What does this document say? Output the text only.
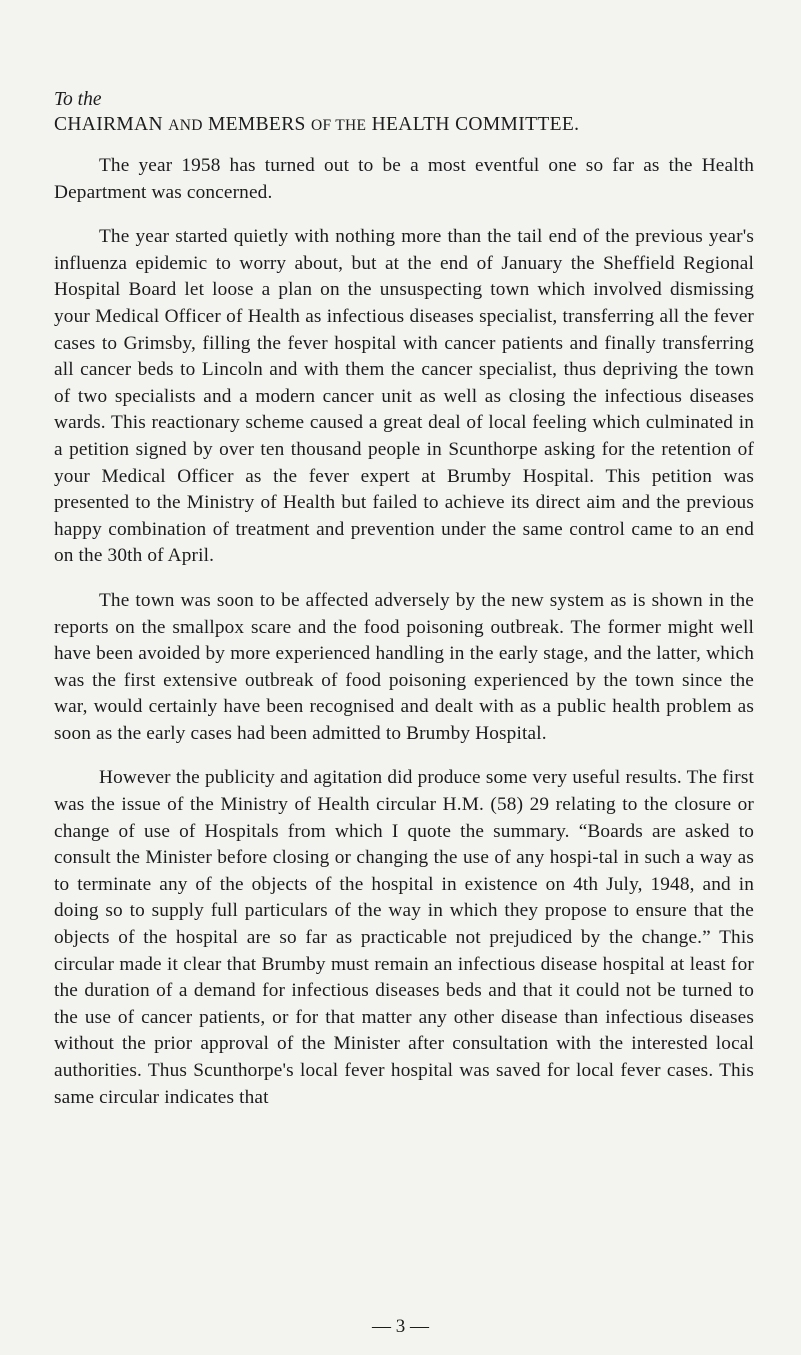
To the

CHAIRMAN AND MEMBERS OF THE HEALTH COMMITTEE.

The year 1958 has turned out to be a most eventful one so far as the Health Department was concerned.

The year started quietly with nothing more than the tail end of the previous year's influenza epidemic to worry about, but at the end of January the Sheffield Regional Hospital Board let loose a plan on the unsuspecting town which involved dismissing your Medical Officer of Health as infectious diseases specialist, transferring all the fever cases to Grimsby, filling the fever hospital with cancer patients and finally transferring all cancer beds to Lincoln and with them the cancer specialist, thus depriving the town of two specialists and a modern cancer unit as well as closing the infectious diseases wards. This reactionary scheme caused a great deal of local feeling which culminated in a petition signed by over ten thousand people in Scunthorpe asking for the retention of your Medical Officer as the fever expert at Brumby Hospital. This petition was presented to the Ministry of Health but failed to achieve its direct aim and the previous happy combination of treatment and prevention under the same control came to an end on the 30th of April.

The town was soon to be affected adversely by the new system as is shown in the reports on the smallpox scare and the food poisoning outbreak. The former might well have been avoided by more experienced handling in the early stage, and the latter, which was the first extensive outbreak of food poisoning experienced by the town since the war, would certainly have been recognised and dealt with as a public health problem as soon as the early cases had been admitted to Brumby Hospital.

However the publicity and agitation did produce some very useful results. The first was the issue of the Ministry of Health circular H.M. (58) 29 relating to the closure or change of use of Hospitals from which I quote the summary. “Boards are asked to consult the Minister before closing or changing the use of any hospi-tal in such a way as to terminate any of the objects of the hospital in existence on 4th July, 1948, and in doing so to supply full particulars of the way in which they propose to ensure that the objects of the hospital are so far as practicable not prejudiced by the change.” This circular made it clear that Brumby must remain an infectious disease hospital at least for the duration of a demand for infectious diseases beds and that it could not be turned to the use of cancer patients, or for that matter any other disease than infectious diseases without the prior approval of the Minister after consultation with the interested local authorities. Thus Scunthorpe's local fever hospital was saved for local fever cases. This same circular indicates that

— 3 —
